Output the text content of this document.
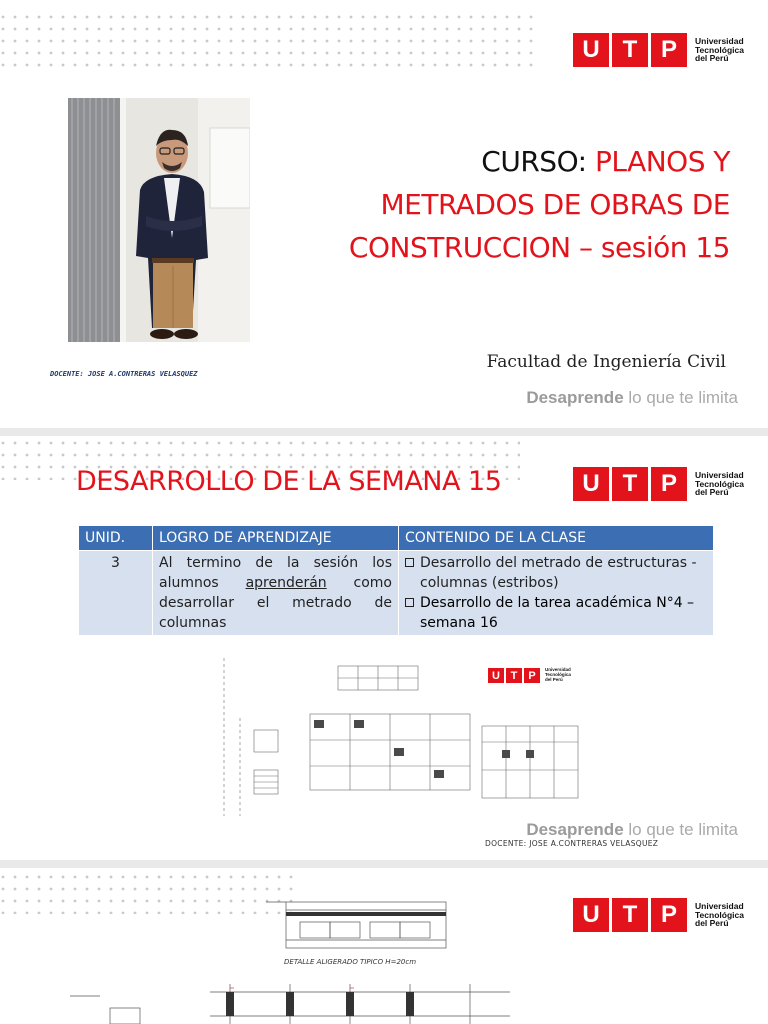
U T P	Universidad
Tecnológica
del Perú
DOCENTE: JOSE A.CONTRERAS VELASQUEZ
CURSO: PLANOS Y
METRADOS DE OBRAS DE
CONSTRUCCION – sesión 15
Facultad de Ingeniería Civil
Desaprende lo que te limita
DESARROLLO DE LA SEMANA 15	U T P	Universidad
Tecnológica
del Perú
UNID.	LOGRO DE APRENDIZAJE	CONTENIDO DE LA CLASE
3	Al termino de la sesión los alumnos aprenderán como desarrollar el metrado de columnas	Desarrollo del metrado de estructuras - columnas (estribos)
Desarrollo de la tarea académica N°4 – semana 16
U T P	Universidad
Tecnológica
del Perú
Desaprende lo que te limita
DOCENTE: JOSE A.CONTRERAS VELASQUEZ
U T P	Universidad
Tecnológica
del Perú
DETALLE ALIGERADO TIPICO H=20cm
